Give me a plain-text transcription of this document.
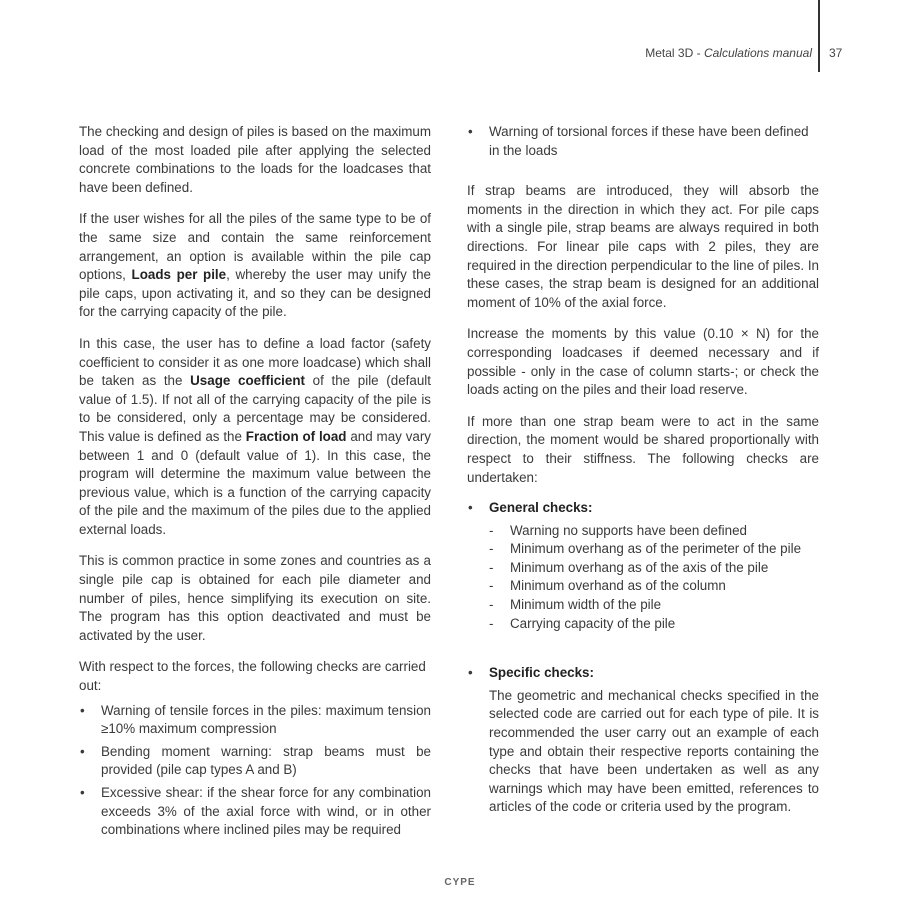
Metal 3D - Calculations manual 37

The checking and design of piles is based on the maximum load of the most loaded pile after applying the selected concrete combinations to the loads for the loadcases that have been defined.

If the user wishes for all the piles of the same type to be of the same size and contain the same reinforcement arrangement, an option is available within the pile cap options, Loads per pile, whereby the user may unify the pile caps, upon activating it, and so they can be designed for the carrying capacity of the pile.

In this case, the user has to define a load factor (safety coefficient to consider it as one more loadcase) which shall be taken as the Usage coefficient of the pile (default value of 1.5). If not all of the carrying capacity of the pile is to be considered, only a percentage may be considered. This value is defined as the Fraction of load and may vary between 1 and 0 (default value of 1). In this case, the program will determine the maximum value between the previous value, which is a function of the carrying capacity of the pile and the maximum of the piles due to the applied external loads.

This is common practice in some zones and countries as a single pile cap is obtained for each pile diameter and number of piles, hence simplifying its execution on site. The program has this option deactivated and must be activated by the user.

With respect to the forces, the following checks are carried out:

• Warning of tensile forces in the piles: maximum tension ≥10% maximum compression
• Bending moment warning: strap beams must be provided (pile cap types A and B)
• Excessive shear: if the shear force for any combination exceeds 3% of the axial force with wind, or in other combinations where inclined piles may be required
• Warning of torsional forces if these have been defined in the loads

If strap beams are introduced, they will absorb the moments in the direction in which they act. For pile caps with a single pile, strap beams are always required in both directions. For linear pile caps with 2 piles, they are required in the direction perpendicular to the line of piles. In these cases, the strap beam is designed for an additional moment of 10% of the axial force.

Increase the moments by this value (0.10 × N) for the corresponding loadcases if deemed necessary and if possible - only in the case of column starts-; or check the loads acting on the piles and their load reserve.

If more than one strap beam were to act in the same direction, the moment would be shared proportionally with respect to their stiffness. The following checks are undertaken:

• General checks:
- Warning no supports have been defined
- Minimum overhang as of the perimeter of the pile
- Minimum overhang as of the axis of the pile
- Minimum overhand as of the column
- Minimum width of the pile
- Carrying capacity of the pile
• Specific checks:

The geometric and mechanical checks specified in the selected code are carried out for each type of pile. It is recommended the user carry out an example of each type and obtain their respective reports containing the checks that have been undertaken as well as any warnings which may have been emitted, references to articles of the code or criteria used by the program.

CYPE
